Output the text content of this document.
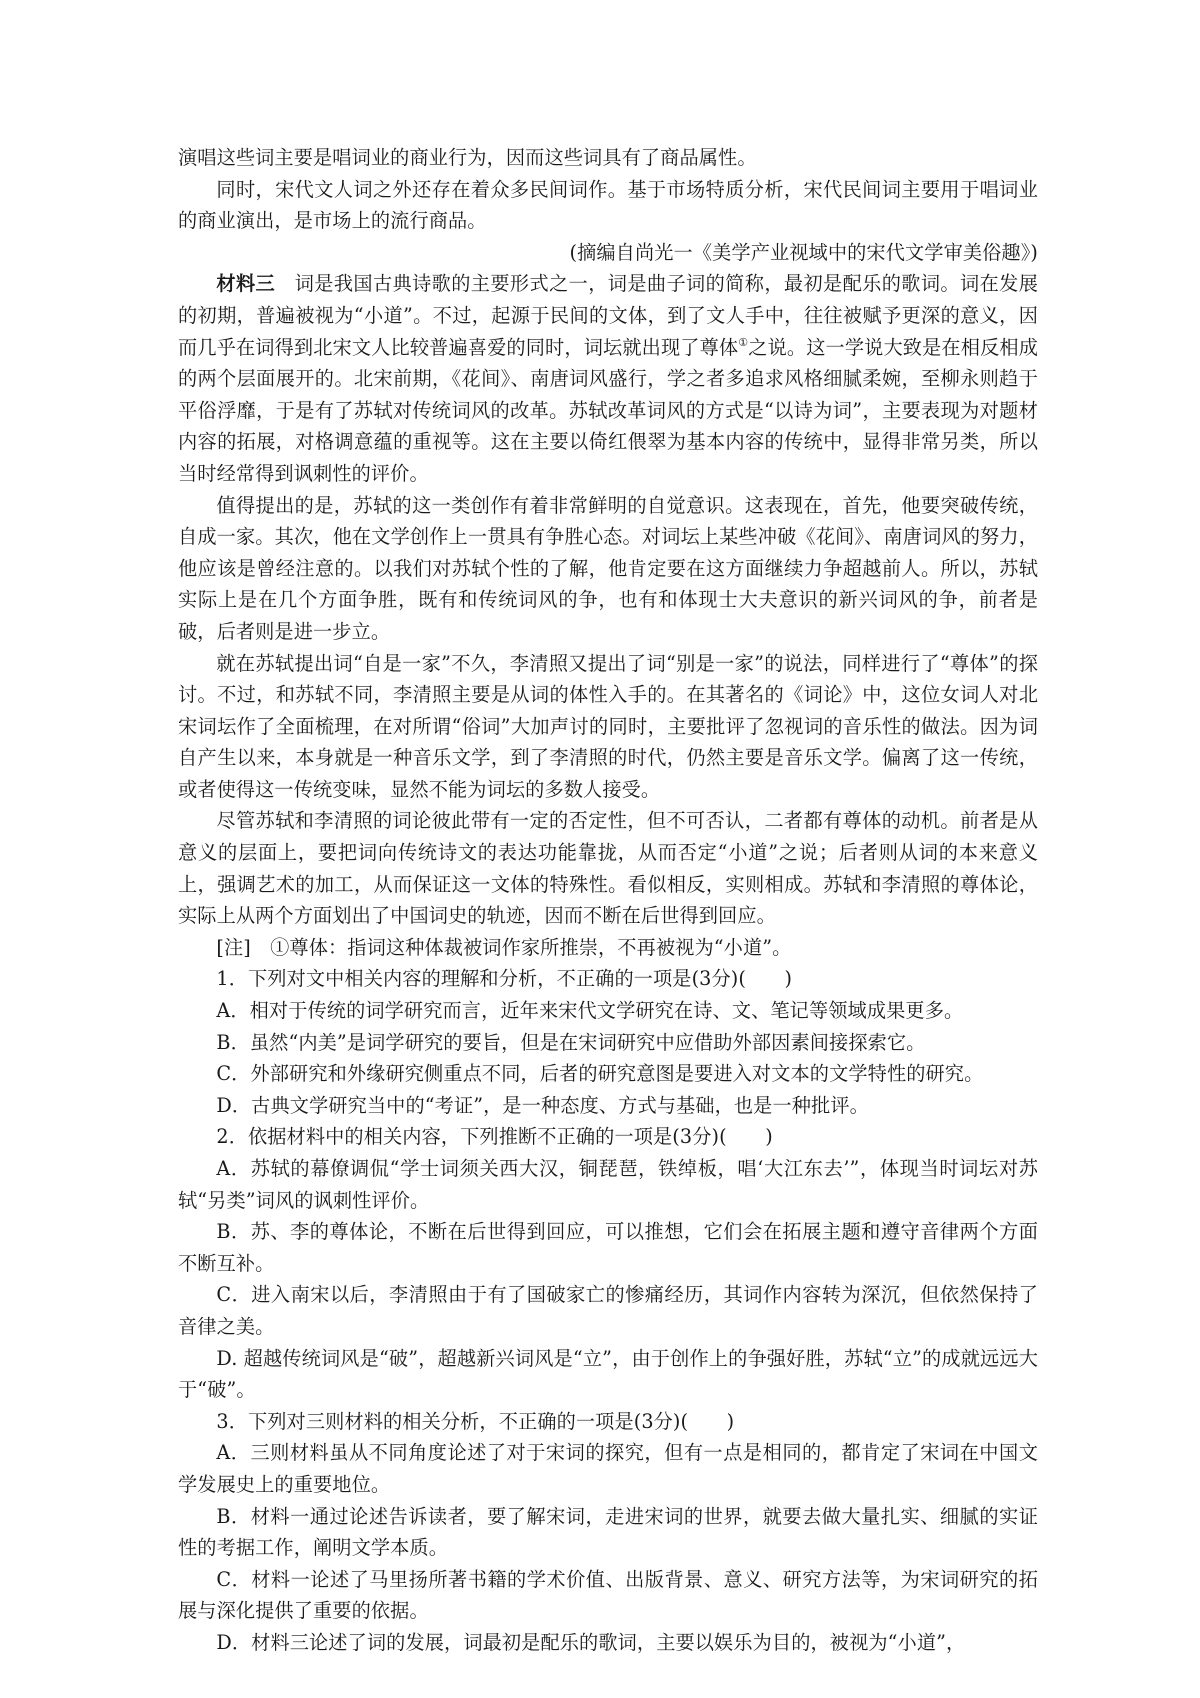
演唱这些词主要是唱词业的商业行为，因而这些词具有了商品属性。

同时，宋代文人词之外还存在着众多民间词作。基于市场特质分析，宋代民间词主要用于唱词业的商业演出，是市场上的流行商品。

(摘编自尚光一《美学产业视域中的宋代文学审美俗趣》)

材料三　 词是我国古典诗歌的主要形式之一，词是曲子词的简称，最初是配乐的歌词。词在发展的初期，普遍被视为“小道”。不过，起源于民间的文体，到了文人手中，往往被赋予更深的意义，因而几乎在词得到北宋文人比较普遍喜爱的同时，词坛就出现了尊体①之说。这一学说大致是在相反相成的两个层面展开的。北宋前期，《花间》、南唐词风盛行，学之者多追求风格细腻柔婉，至柳永则趋于平俗浮靡，于是有了苏轼对传统词风的改革。苏轼改革词风的方式是“以诗为词”，主要表现为对题材内容的拓展，对格调意蕴的重视等。这在主要以倚红偎翠为基本内容的传统中，显得非常另类，所以当时经常得到讽刺性的评价。

值得提出的是，苏轼的这一类创作有着非常鲜明的自觉意识。这表现在，首先，他要突破传统，自成一家。其次，他在文学创作上一贯具有争胜心态。对词坛上某些冲破《花间》、南唐词风的努力，他应该是曾经注意的。以我们对苏轼个性的了解，他肯定要在这方面继续力争超越前人。所以，苏轼实际上是在几个方面争胜，既有和传统词风的争，也有和体现士大夫意识的新兴词风的争，前者是破，后者则是进一步立。

就在苏轼提出词“自是一家”不久，李清照又提出了词“别是一家”的说法，同样进行了“尊体”的探讨。不过，和苏轼不同，李清照主要是从词的体性入手的。在其著名的《词论》中，这位女词人对北宋词坛作了全面梳理，在对所谓“俗词”大加声讨的同时，主要批评了忽视词的音乐性的做法。因为词自产生以来，本身就是一种音乐文学，到了李清照的时代，仍然主要是音乐文学。偏离了这一传统，或者使得这一传统变味，显然不能为词坛的多数人接受。

尽管苏轼和李清照的词论彼此带有一定的否定性，但不可否认，二者都有尊体的动机。前者是从意义的层面上，要把词向传统诗文的表达功能靠拢，从而否定“小道”之说；后者则从词的本来意义上，强调艺术的加工，从而保证这一文体的特殊性。看似相反，实则相成。苏轼和李清照的尊体论，实际上从两个方面划出了中国词史的轨迹，因而不断在后世得到回应。

[注]　①尊体：指词这种体裁被词作家所推崇，不再被视为“小道”。

1．下列对文中相关内容的理解和分析，不正确的一项是(3分)(　　)

A．相对于传统的词学研究而言，近年来宋代文学研究在诗、文、笔记等领域成果更多。

B．虽然“内美”是词学研究的要旨，但是在宋词研究中应借助外部因素间接探索它。

C．外部研究和外缘研究侧重点不同，后者的研究意图是要进入对文本的文学特性的研究。

D．古典文学研究当中的“考证”，是一种态度、方式与基础，也是一种批评。

2．依据材料中的相关内容，下列推断不正确的一项是(3分)(　　)

A．苏轼的幕僚调侃“学士词须关西大汉，铜琵琶，铁绰板，唱‘大江东去’”，体现当时词坛对苏轼“另类”词风的讽刺性评价。

B．苏、李的尊体论，不断在后世得到回应，可以推想，它们会在拓展主题和遵守音律两个方面不断互补。

C．进入南宋以后，李清照由于有了国破家亡的惨痛经历，其词作内容转为深沉，但依然保持了音律之美。

D. 超越传统词风是“破”，超越新兴词风是“立”，由于创作上的争强好胜，苏轼“立”的成就远远大于“破”。

3．下列对三则材料的相关分析，不正确的一项是(3分)(　　)

A．三则材料虽从不同角度论述了对于宋词的探究，但有一点是相同的，都肯定了宋词在中国文学发展史上的重要地位。

B．材料一通过论述告诉读者，要了解宋词，走进宋词的世界，就要去做大量扎实、细腻的实证性的考据工作，阐明文学本质。

C．材料一论述了马里扬所著书籍的学术价值、出版背景、意义、研究方法等，为宋词研究的拓展与深化提供了重要的依据。

D．材料三论述了词的发展，词最初是配乐的歌词，主要以娱乐为目的，被视为“小道”，
